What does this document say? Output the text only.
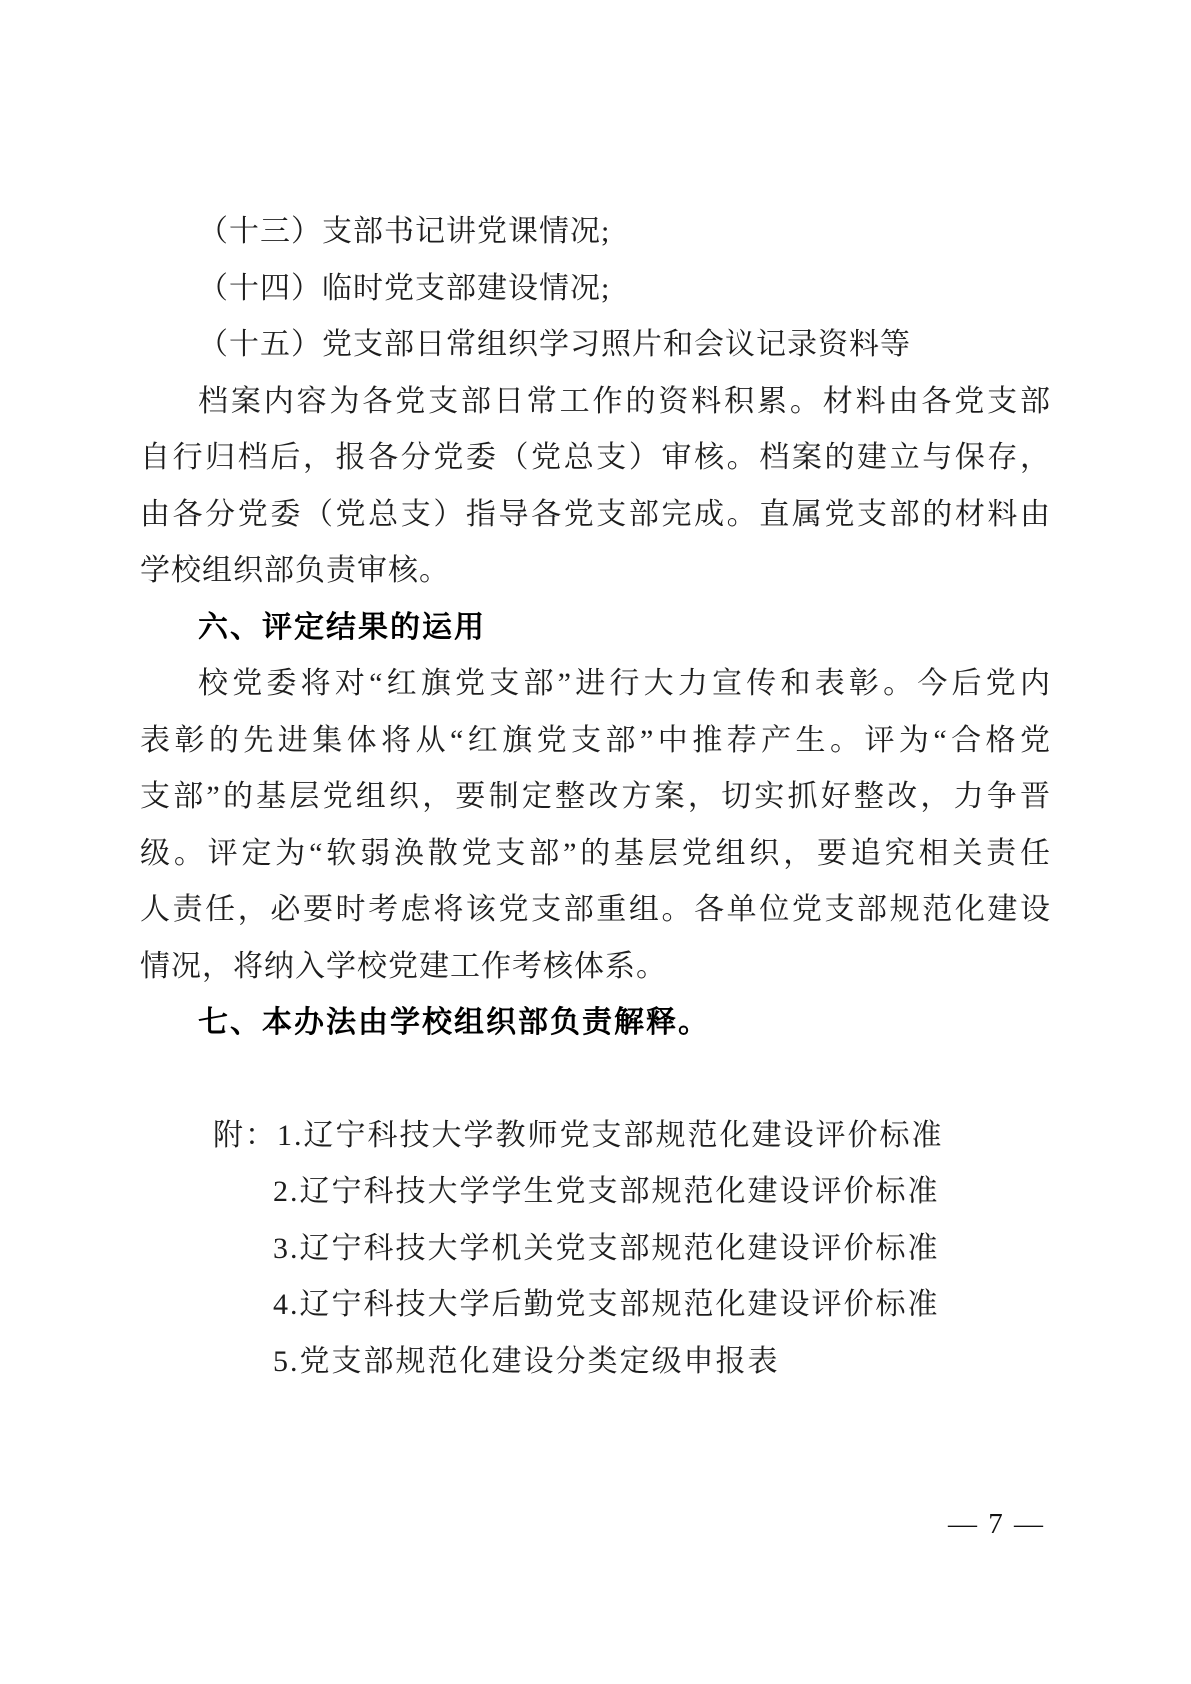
（十三）支部书记讲党课情况;
（十四）临时党支部建设情况;
（十五）党支部日常组织学习照片和会议记录资料等
档案内容为各党支部日常工作的资料积累。材料由各党支部
自行归档后，报各分党委（党总支）审核。档案的建立与保存，
由各分党委（党总支）指导各党支部完成。直属党支部的材料由
学校组织部负责审核。
六、评定结果的运用
校党委将对“红旗党支部”进行大力宣传和表彰。今后党内
表彰的先进集体将从“红旗党支部”中推荐产生。评为“合格党
支部”的基层党组织，要制定整改方案，切实抓好整改，力争晋
级。评定为“软弱涣散党支部”的基层党组织，要追究相关责任
人责任，必要时考虑将该党支部重组。各单位党支部规范化建设
情况，将纳入学校党建工作考核体系。
七、本办法由学校组织部负责解释。
附：1.辽宁科技大学教师党支部规范化建设评价标准
2.辽宁科技大学学生党支部规范化建设评价标准
3.辽宁科技大学机关党支部规范化建设评价标准
4.辽宁科技大学后勤党支部规范化建设评价标准
5.党支部规范化建设分类定级申报表
— 7 —
